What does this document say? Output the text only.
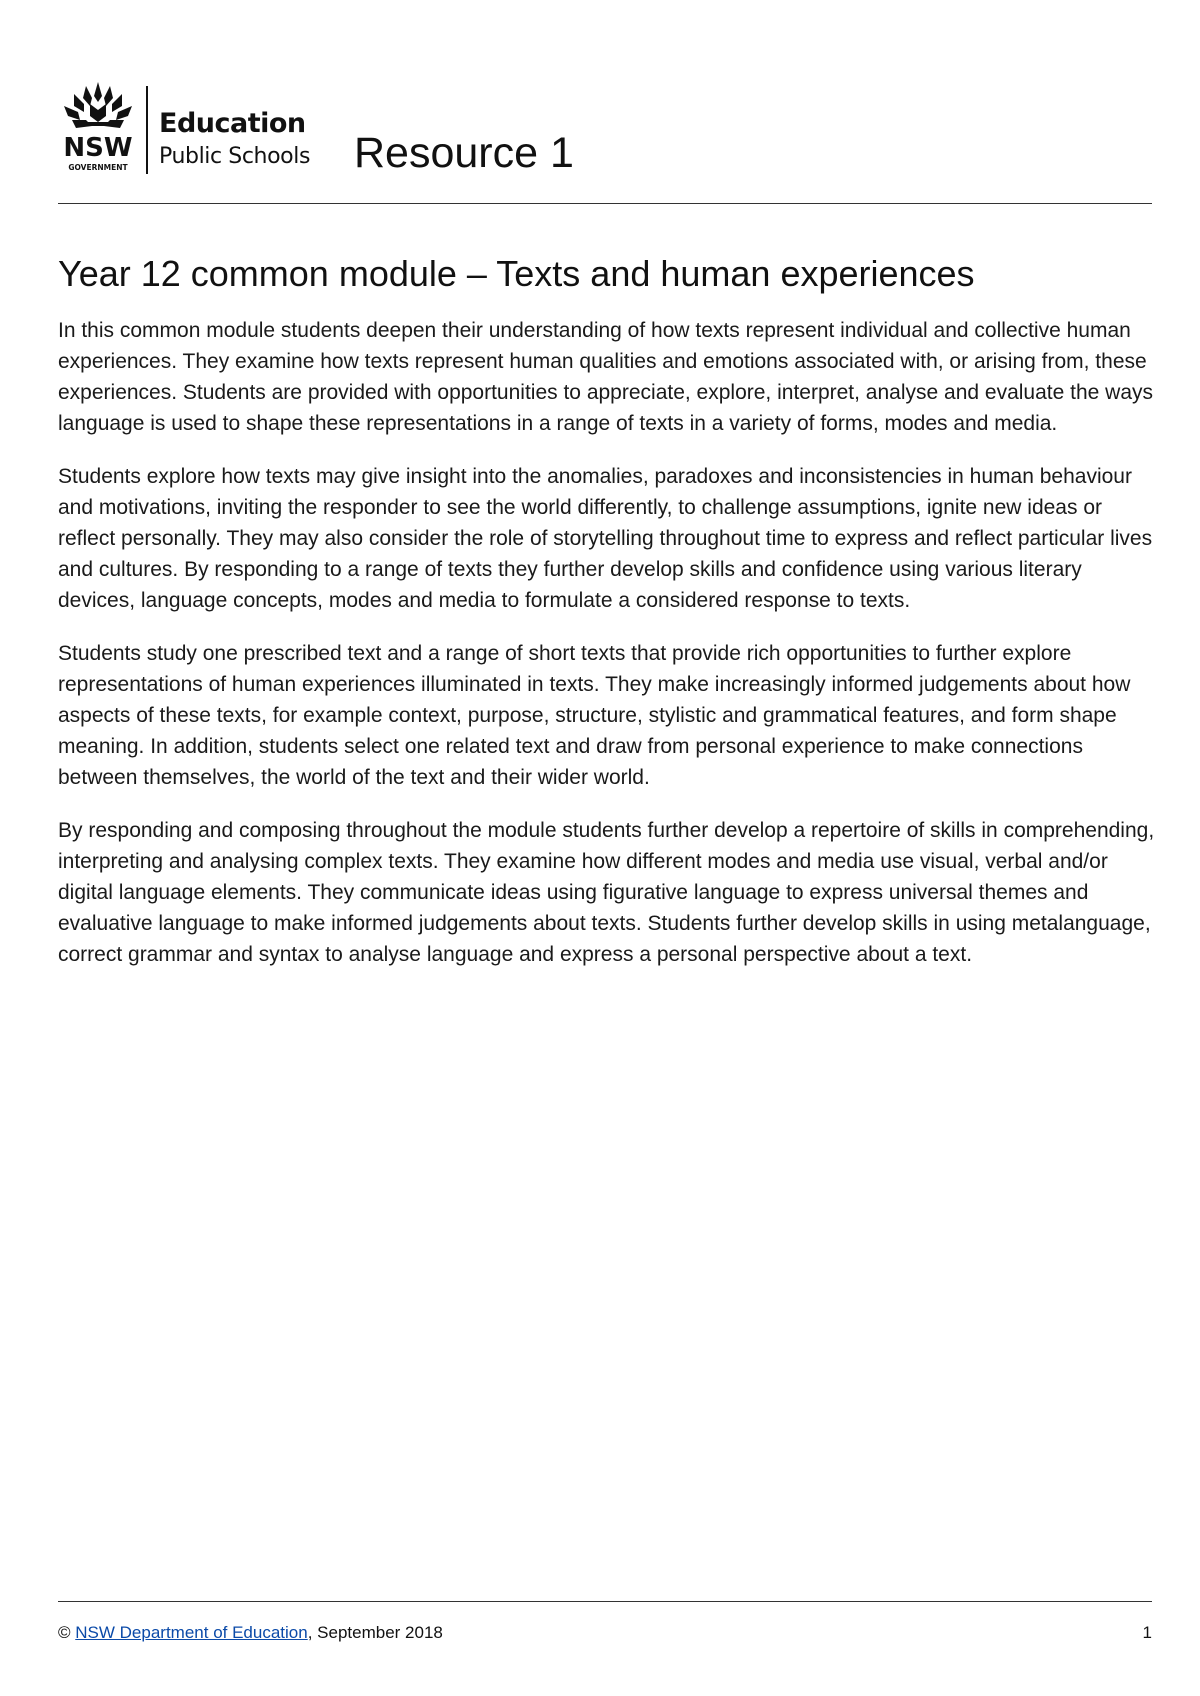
NSW
GOVERNMENT
Education
Public Schools Resource 1
Year 12 common module – Texts and human experiences

In this common module students deepen their understanding of how texts represent individual and collective human experiences. They examine how texts represent human qualities and emotions associated with, or arising from, these experiences. Students are provided with opportunities to appreciate, explore, interpret, analyse and evaluate the ways language is used to shape these representations in a range of texts in a variety of forms, modes and media.

Students explore how texts may give insight into the anomalies, paradoxes and inconsistencies in human behaviour and motivations, inviting the responder to see the world differently, to challenge assumptions, ignite new ideas or reflect personally. They may also consider the role of storytelling throughout time to express and reflect particular lives and cultures. By responding to a range of texts they further develop skills and confidence using various literary devices, language concepts, modes and media to formulate a considered response to texts.

Students study one prescribed text and a range of short texts that provide rich opportunities to further explore representations of human experiences illuminated in texts. They make increasingly informed judgements about how aspects of these texts, for example context, purpose, structure, stylistic and grammatical features, and form shape meaning. In addition, students select one related text and draw from personal experience to make connections between themselves, the world of the text and their wider world.

By responding and composing throughout the module students further develop a repertoire of skills in comprehending, interpreting and analysing complex texts. They examine how different modes and media use visual, verbal and/or digital language elements. They communicate ideas using figurative language to express universal themes and evaluative language to make informed judgements about texts. Students further develop skills in using metalanguage, correct grammar and syntax to analyse language and express a personal perspective about a text.

© NSW Department of Education, September 2018	1
